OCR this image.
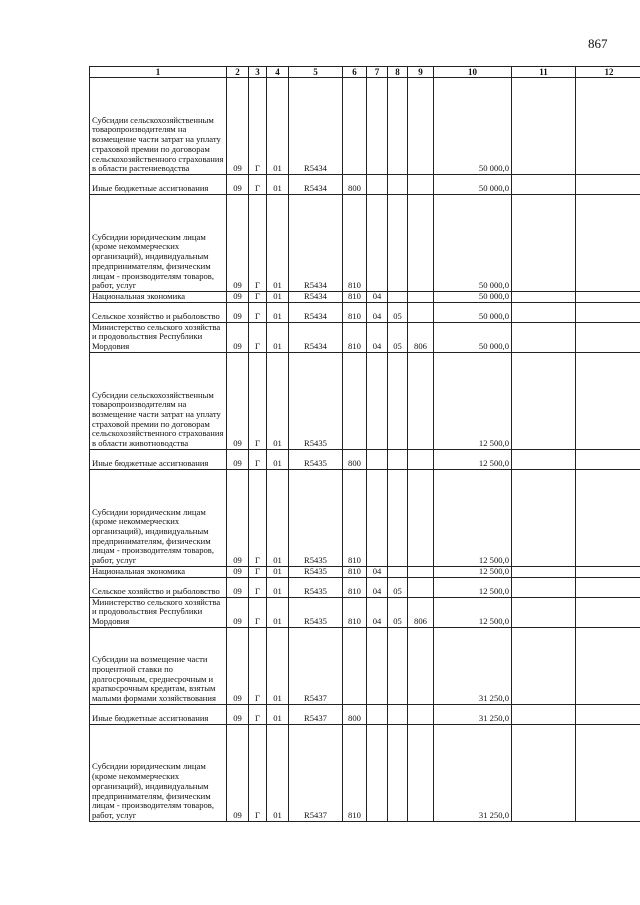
867
1	2	3	4	5	6	7	8	9	10	11	12
Субсидии сельскохозяйственным товаропроизводителям на возмещение части затрат на уплату страховой премии по договорам сельскохозяйственного страхования в области растениеводства	09	Г	01	R5434					50 000,0		
Иные бюджетные ассигнования	09	Г	01	R5434	800				50 000,0		
Субсидии юридическим лицам (кроме некоммерческих организаций), индивидуальным предпринимателям, физическим лицам - производителям товаров, работ, услуг	09	Г	01	R5434	810				50 000,0		
Национальная экономика	09	Г	01	R5434	810	04			50 000,0		
Сельское хозяйство и рыболовство	09	Г	01	R5434	810	04	05		50 000,0		
Министерство сельского хозяйства и продовольствия Республики Мордовия	09	Г	01	R5434	810	04	05	806	50 000,0		
Субсидии сельскохозяйственным товаропроизводителям на возмещение части затрат на уплату страховой премии по договорам сельскохозяйственного страхования в области животноводства	09	Г	01	R5435					12 500,0		
Иные бюджетные ассигнования	09	Г	01	R5435	800				12 500,0		
Субсидии юридическим лицам (кроме некоммерческих организаций), индивидуальным предпринимателям, физическим лицам - производителям товаров, работ, услуг	09	Г	01	R5435	810				12 500,0		
Национальная экономика	09	Г	01	R5435	810	04			12 500,0		
Сельское хозяйство и рыболовство	09	Г	01	R5435	810	04	05		12 500,0		
Министерство сельского хозяйства и продовольствия Республики Мордовия	09	Г	01	R5435	810	04	05	806	12 500,0		
Субсидии на возмещение части процентной ставки по долгосрочным, среднесрочным и краткосрочным кредитам, взятым малыми формами хозяйствования	09	Г	01	R5437					31 250,0		
Иные бюджетные ассигнования	09	Г	01	R5437	800				31 250,0		
Субсидии юридическим лицам (кроме некоммерческих организаций), индивидуальным предпринимателям, физическим лицам - производителям товаров, работ, услуг	09	Г	01	R5437	810				31 250,0		
